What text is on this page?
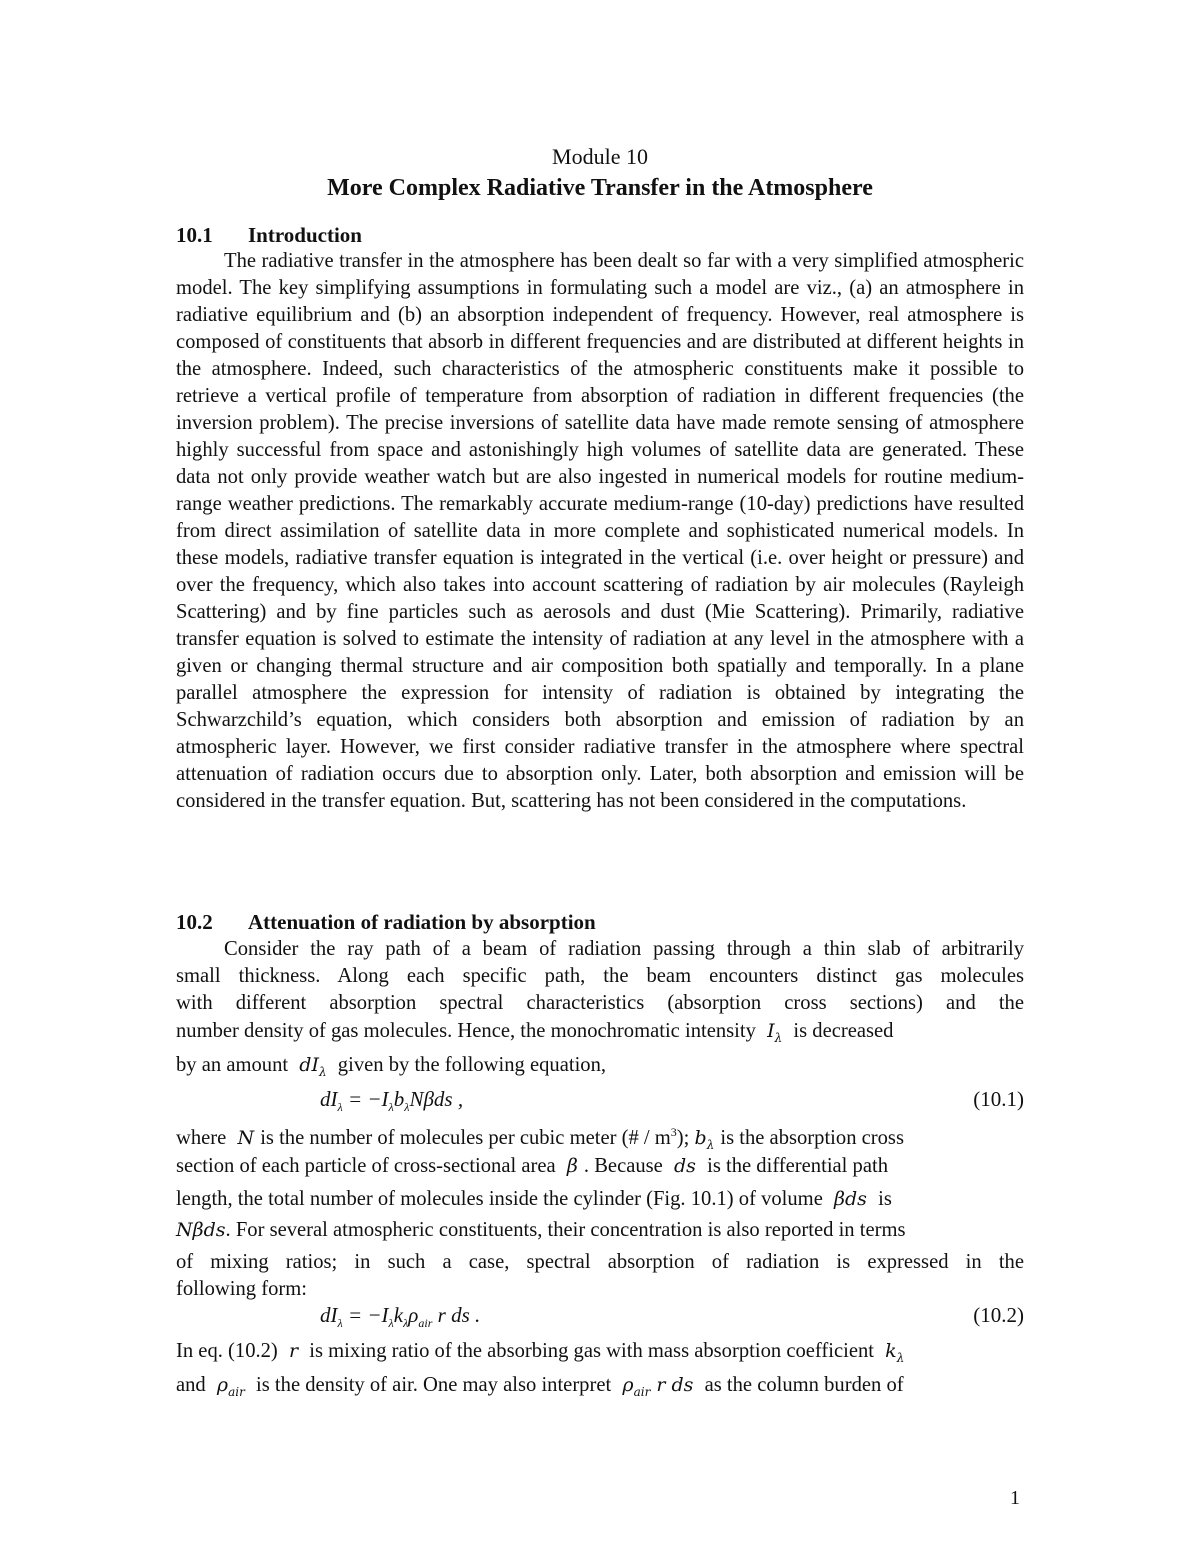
Module 10
More Complex Radiative Transfer in the Atmosphere
10.1 Introduction

The radiative transfer in the atmosphere has been dealt so far with a very simplified atmospheric model. The key simplifying assumptions in formulating such a model are viz., (a) an atmosphere in radiative equilibrium and (b) an absorption independent of frequency. However, real atmosphere is composed of constituents that absorb in different frequencies and are distributed at different heights in the atmosphere. Indeed, such characteristics of the atmospheric constituents make it possible to retrieve a vertical profile of temperature from absorption of radiation in different frequencies (the inversion problem). The precise inversions of satellite data have made remote sensing of atmosphere highly successful from space and astonishingly high volumes of satellite data are generated. These data not only provide weather watch but are also ingested in numerical models for routine medium-range weather predictions. The remarkably accurate medium-range (10-day) predictions have resulted from direct assimilation of satellite data in more complete and sophisticated numerical models. In these models, radiative transfer equation is integrated in the vertical (i.e. over height or pressure) and over the frequency, which also takes into account scattering of radiation by air molecules (Rayleigh Scattering) and by fine particles such as aerosols and dust (Mie Scattering). Primarily, radiative transfer equation is solved to estimate the intensity of radiation at any level in the atmosphere with a given or changing thermal structure and air composition both spatially and temporally. In a plane parallel atmosphere the expression for intensity of radiation is obtained by integrating the Schwarzchild’s equation, which considers both absorption and emission of radiation by an atmospheric layer. However, we first consider radiative transfer in the atmosphere where spectral attenuation of radiation occurs due to absorption only. Later, both absorption and emission will be considered in the transfer equation. But, scattering has not been considered in the computations.

10.2 Attenuation of radiation by absorption
Consider the ray path of a beam of radiation passing through a thin slab of arbitrarily
small thickness. Along each specific path, the beam encounters distinct gas molecules
with different absorption spectral characteristics (absorption cross sections) and the
number density of gas molecules. Hence, the monochromatic intensity  $I_\lambda$ is decreased
by an amount  $dI_\lambda$ given by the following equation,
$dI_\lambda = -I_\lambda b_\lambda N\beta ds$ ,	(10.1)
where  N is the number of molecules per cubic meter (# / $m^3$); $b_\lambda$ is the absorption cross
section of each particle of cross-sectional area  β . Because  ds  is the differential path
length, the total number of molecules inside the cylinder (Fig. 10.1) of volume  βds  is
Nβds. For several atmospheric constituents, their concentration is also reported in terms
of mixing ratios; in such a case, spectral absorption of radiation is expressed in the
following form:
$dI_\lambda = -I_\lambda k_\lambda\rho_{air}$ r ds .	(10.2)
In eq. (10.2)  r  is mixing ratio of the absorbing gas with mass absorption coefficient  $k_\lambda$
and  $\rho_{air}$ is the density of air. One may also interpret  $\rho_{air}$ r ds  as the column burden of
1
